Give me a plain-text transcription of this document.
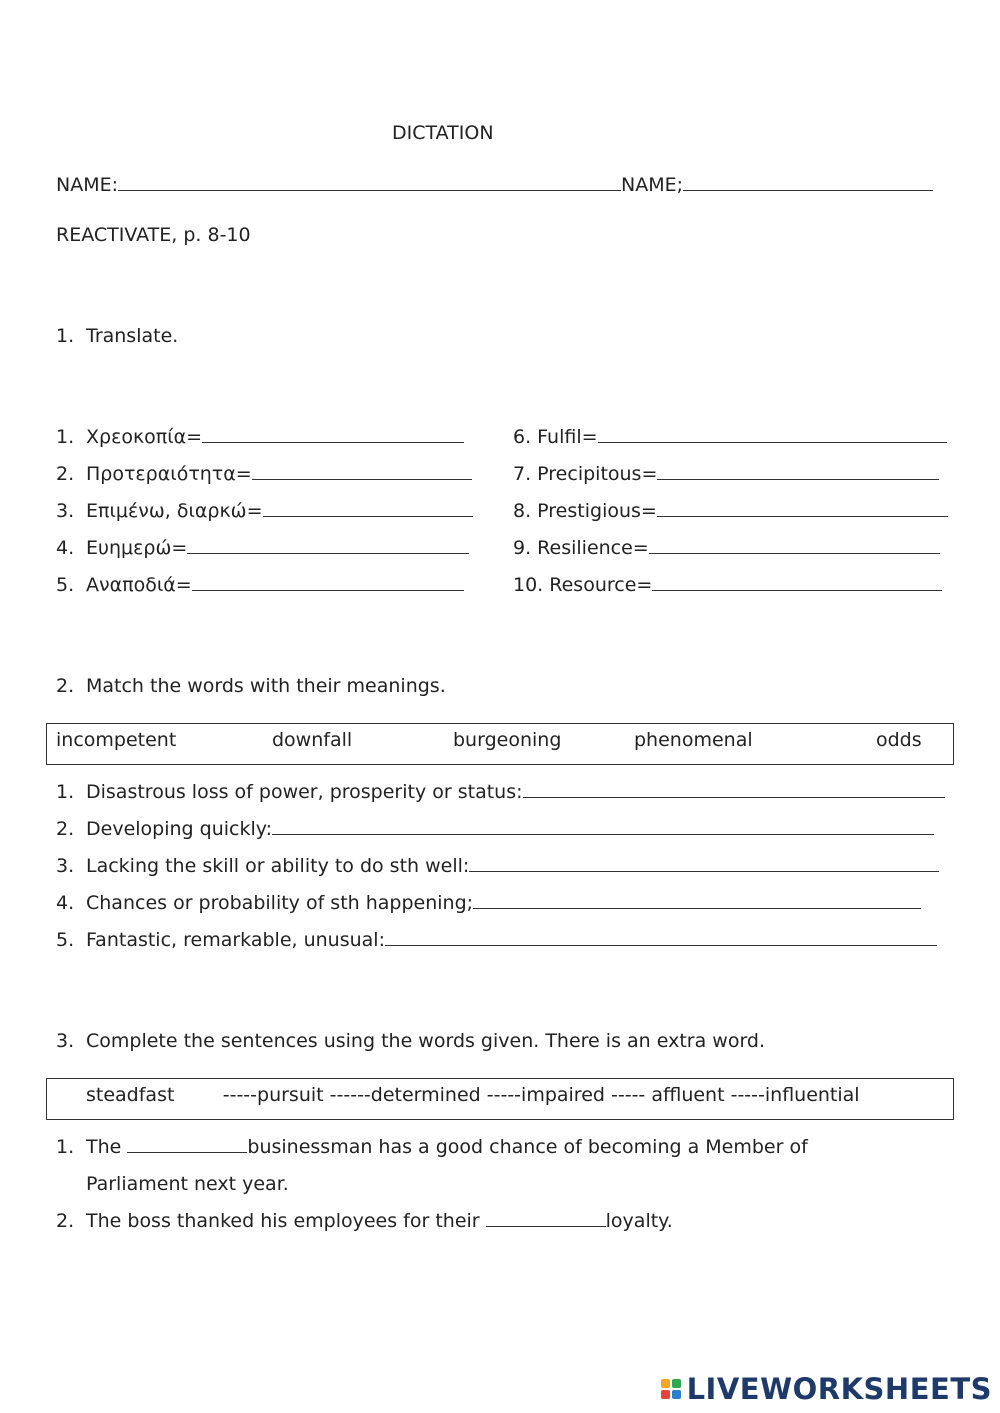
DICTATION
NAME:	NAME;
REACTIVATE, p. 8-10
1. Translate.
1. Χρεοκοπία=
2. Προτεραιότητα=
3. Επιμένω, διαρκώ=
4. Ευημερώ=
5. Αναποδιά=
6. Fulfil=
7. Precipitous=
8. Prestigious=
9. Resilience=
10. Resource=
2. Match the words with their meanings.
incompetent	downfall	burgeoning	phenomenal	odds
1. Disastrous loss of power, prosperity or status:
2. Developing quickly:
3. Lacking the skill or ability to do sth well:
4. Chances or probability of sth happening;
5. Fantastic, remarkable, unusual:
3. Complete the sentences using the words given. There is an extra word.
steadfast        -----pursuit ------determined -----impaired ----- affluent -----influential
1. The	businessman has a good chance of becoming a Member of
Parliament next year.
2. The boss thanked his employees for their	loyalty.
LIVEWORKSHEETS
